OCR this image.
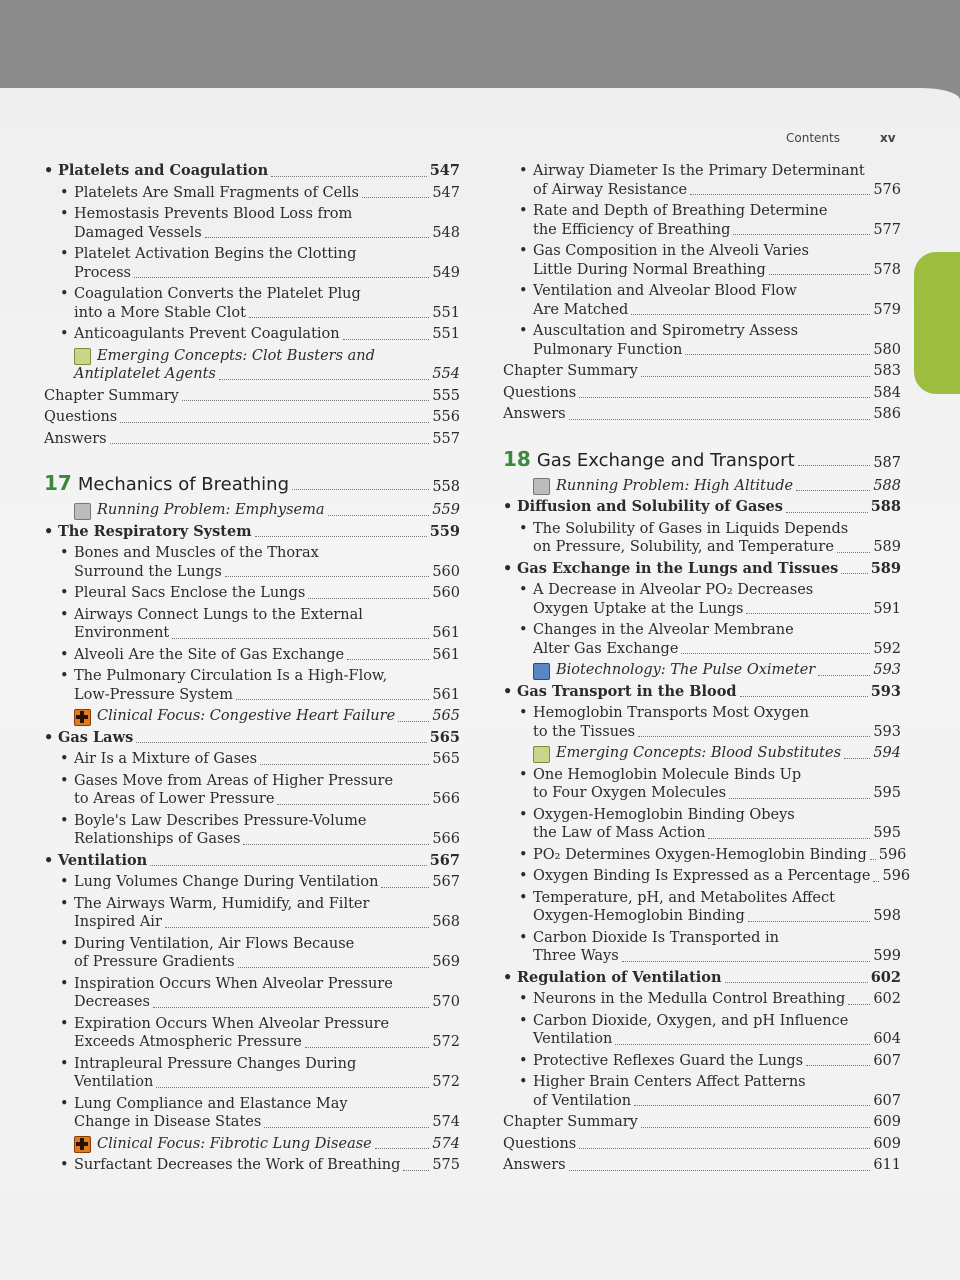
Contents	xv
• Platelets and Coagulation	547
• Platelets Are Small Fragments of Cells	547
• Hemostasis Prevents Blood Loss from
Damaged Vessels	548
• Platelet Activation Begins the Clotting
Process	549
• Coagulation Converts the Platelet Plug
into a More Stable Clot	551
• Anticoagulants Prevent Coagulation	551
Emerging Concepts: Clot Busters and
Antiplatelet Agents	554
Chapter Summary	555
Questions	556
Answers	557
17 Mechanics of Breathing	558
Running Problem: Emphysema	559
• The Respiratory System	559
• Bones and Muscles of the Thorax
Surround the Lungs	560
• Pleural Sacs Enclose the Lungs	560
• Airways Connect Lungs to the External
Environment	561
• Alveoli Are the Site of Gas Exchange	561
• The Pulmonary Circulation Is a High-Flow,
Low-Pressure System	561
Clinical Focus: Congestive Heart Failure	565
• Gas Laws	565
• Air Is a Mixture of Gases	565
• Gases Move from Areas of Higher Pressure
to Areas of Lower Pressure	566
• Boyle's Law Describes Pressure-Volume
Relationships of Gases	566
• Ventilation	567
• Lung Volumes Change During Ventilation	567
• The Airways Warm, Humidify, and Filter
Inspired Air	568
• During Ventilation, Air Flows Because
of Pressure Gradients	569
• Inspiration Occurs When Alveolar Pressure
Decreases	570
• Expiration Occurs When Alveolar Pressure
Exceeds Atmospheric Pressure	572
• Intrapleural Pressure Changes During
Ventilation	572
• Lung Compliance and Elastance May
Change in Disease States	574
Clinical Focus: Fibrotic Lung Disease	574
• Surfactant Decreases the Work of Breathing 575
• Airway Diameter Is the Primary Determinant
of Airway Resistance	576
• Rate and Depth of Breathing Determine
the Efficiency of Breathing	577
• Gas Composition in the Alveoli Varies
Little During Normal Breathing	578
• Ventilation and Alveolar Blood Flow
Are Matched	579
• Auscultation and Spirometry Assess
Pulmonary Function	580
Chapter Summary	583
Questions	584
Answers	586
18 Gas Exchange and Transport	587
Running Problem: High Altitude	588
• Diffusion and Solubility of Gases	588
• The Solubility of Gases in Liquids Depends
on Pressure, Solubility, and Temperature	589
• Gas Exchange in the Lungs and Tissues 589
• A Decrease in Alveolar PO₂ Decreases
Oxygen Uptake at the Lungs	591
• Changes in the Alveolar Membrane
Alter Gas Exchange	592
Biotechnology: The Pulse Oximeter	593
• Gas Transport in the Blood	593
• Hemoglobin Transports Most Oxygen
to the Tissues	593
Emerging Concepts: Blood Substitutes 594
• One Hemoglobin Molecule Binds Up
to Four Oxygen Molecules	595
• Oxygen-Hemoglobin Binding Obeys
the Law of Mass Action	595
• PO₂ Determines Oxygen-Hemoglobin Binding 596
• Oxygen Binding Is Expressed as a Percentage 596
• Temperature, pH, and Metabolites Affect
Oxygen-Hemoglobin Binding	598
• Carbon Dioxide Is Transported in
Three Ways	599
• Regulation of Ventilation	602
• Neurons in the Medulla Control Breathing 602
• Carbon Dioxide, Oxygen, and pH Influence
Ventilation	604
• Protective Reflexes Guard the Lungs	607
• Higher Brain Centers Affect Patterns
of Ventilation	607
Chapter Summary	609
Questions	609
Answers	611
